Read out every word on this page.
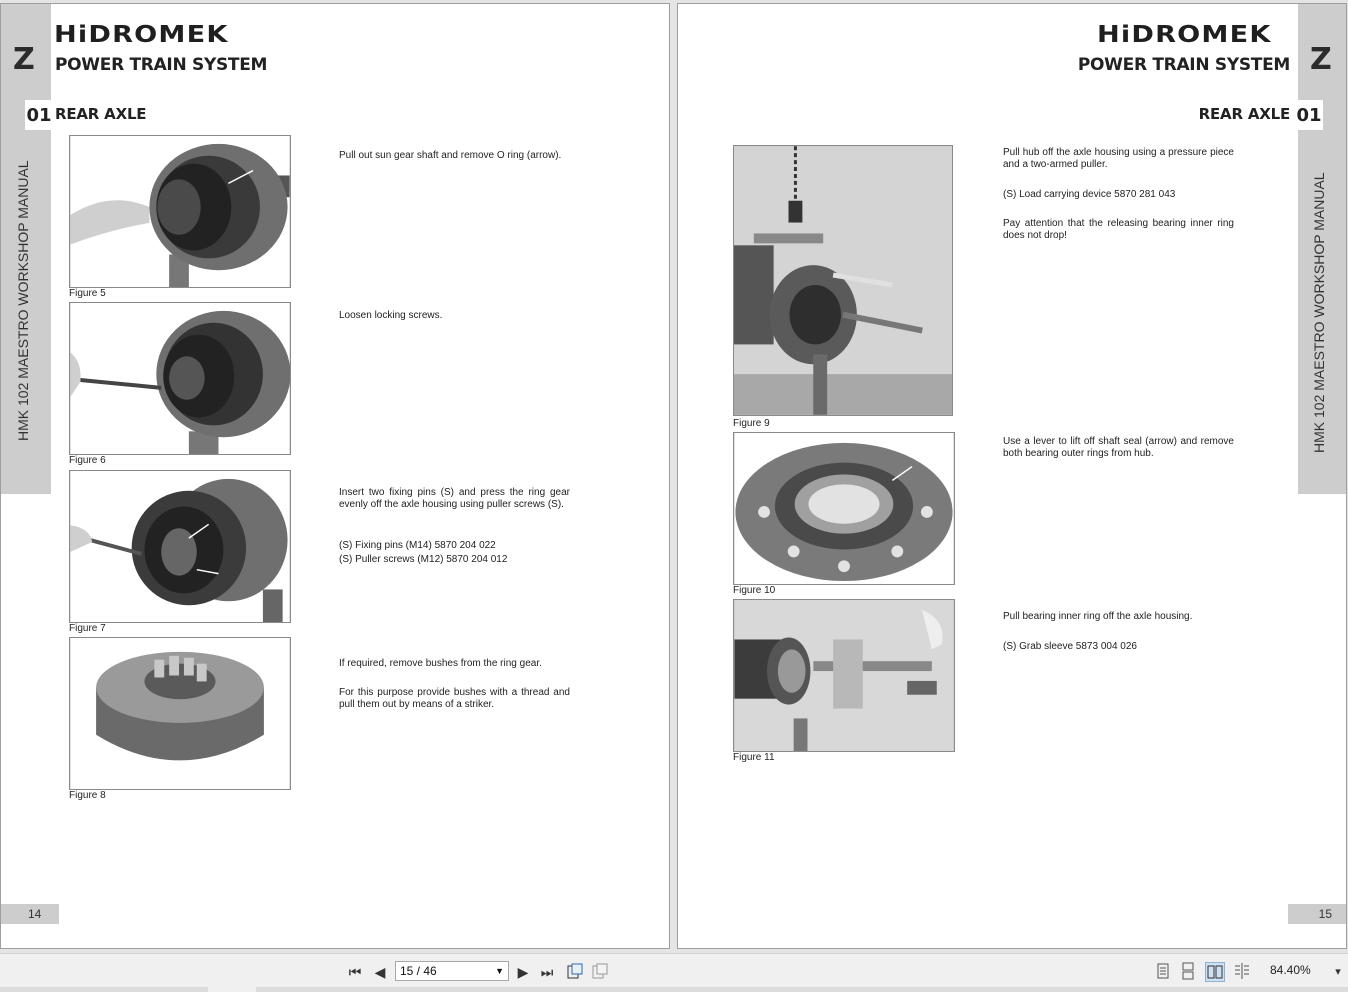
Z
01
HMK 102 MAESTRO WORKSHOP MANUAL
HiDROMEK
POWER TRAIN SYSTEM
REAR AXLE
Figure 5

Pull out sun gear shaft and remove O ring (arrow).

Figure 6

Loosen locking screws.

Figure 7

Insert two fixing pins (S) and press the ring gear evenly off the axle housing using puller screws (S).

(S) Fixing pins (M14) 5870 204 022

(S) Puller screws (M12) 5870 204 012

Figure 8

If required, remove bushes from the ring gear.

For this purpose provide bushes with a thread and pull them out by means of a striker.

14
Z
01
HMK 102 MAESTRO WORKSHOP MANUAL
HiDROMEK
POWER TRAIN SYSTEM
REAR AXLE
Figure 9

Pull hub off the axle housing using a pressure piece and a two-armed puller.

(S) Load carrying device 5870 281 043

Pay attention that the releasing bearing inner ring does not drop!

Figure 10

Use a lever to lift off shaft seal (arrow) and remove both bearing outer rings from hub.

Figure 11

Pull bearing inner ring off the axle housing.

(S) Grab sleeve 5873 004 026

15
⏮ ◀	15 / 46	▼ ▶ ⏭	84.40%	▾
